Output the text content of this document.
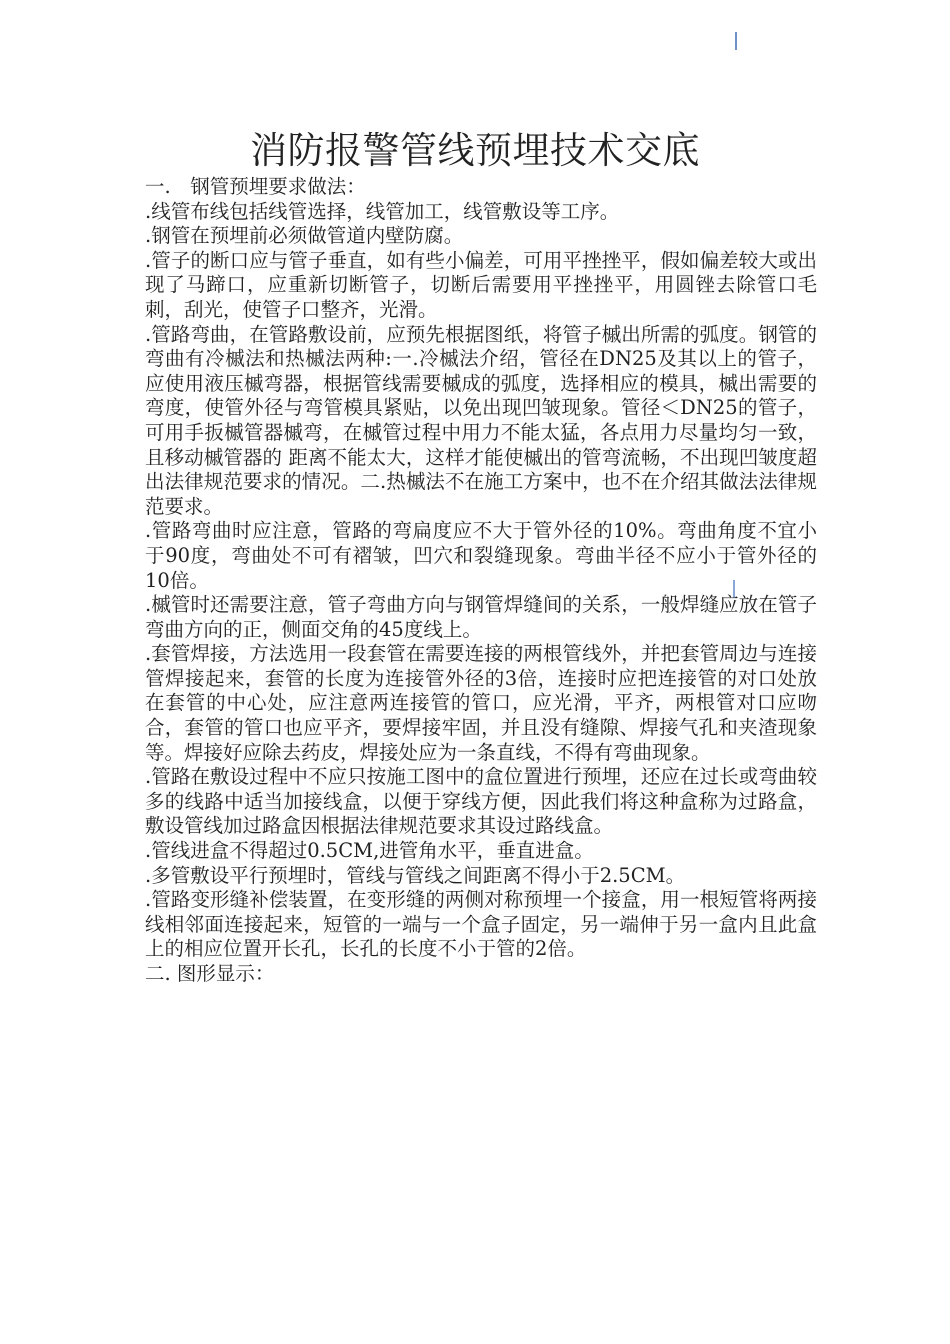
消防报警管线预埋技术交底

一.　钢管预埋要求做法：

.线管布线包括线管选择，线管加工，线管敷设等工序。

.钢管在预埋前必须做管道内壁防腐。

.管子的断口应与管子垂直，如有些小偏差，可用平挫挫平，假如偏差较大或出现了马蹄口，应重新切断管子，切断后需要用平挫挫平，用圆锉去除管口毛刺，刮光，使管子口整齐，光滑。

.管路弯曲，在管路敷设前，应预先根据图纸，将管子槭出所需的弧度。钢管的弯曲有冷槭法和热槭法两种:一.冷槭法介绍，管径在DN25及其以上的管子，应使用液压槭弯器，根据管线需要槭成的弧度，选择相应的模具，槭出需要的弯度，使管外径与弯管模具紧贴，以免出现凹皱现象。管径＜DN25的管子，可用手扳槭管器槭弯，在槭管过程中用力不能太猛，各点用力尽量均匀一致，且移动槭管器的 距离不能太大，这样才能使槭出的管弯流畅，不出现凹皱度超出法律规范要求的情况。二.热槭法不在施工方案中，也不在介绍其做法法律规范要求。

.管路弯曲时应注意，管路的弯扁度应不大于管外径的10%。弯曲角度不宜小于90度，弯曲处不可有褶皱，凹穴和裂缝现象。弯曲半径不应小于管外径的10倍。

.槭管时还需要注意，管子弯曲方向与钢管焊缝间的关系，一般焊缝应放在管子弯曲方向的正，侧面交角的45度线上。

.套管焊接，方法选用一段套管在需要连接的两根管线外，并把套管周边与连接管焊接起来，套管的长度为连接管外径的3倍，连接时应把连接管的对口处放在套管的中心处，应注意两连接管的管口，应光滑，平齐，两根管对口应吻合，套管的管口也应平齐，要焊接牢固，并且没有缝隙、焊接气孔和夹渣现象等。焊接好应除去药皮，焊接处应为一条直线，不得有弯曲现象。

.管路在敷设过程中不应只按施工图中的盒位置进行预埋，还应在过长或弯曲较多的线路中适当加接线盒，以便于穿线方便，因此我们将这种盒称为过路盒，敷设管线加过路盒因根据法律规范要求其设过路线盒。

.管线进盒不得超过0.5CM,进管角水平，垂直进盒。

.多管敷设平行预埋时，管线与管线之间距离不得小于2.5CM。

.管路变形缝补偿装置，在变形缝的两侧对称预埋一个接盒，用一根短管将两接线相邻面连接起来，短管的一端与一个盒子固定，另一端伸于另一盒内且此盒上的相应位置开长孔，长孔的长度不小于管的2倍。

二. 图形显示：
